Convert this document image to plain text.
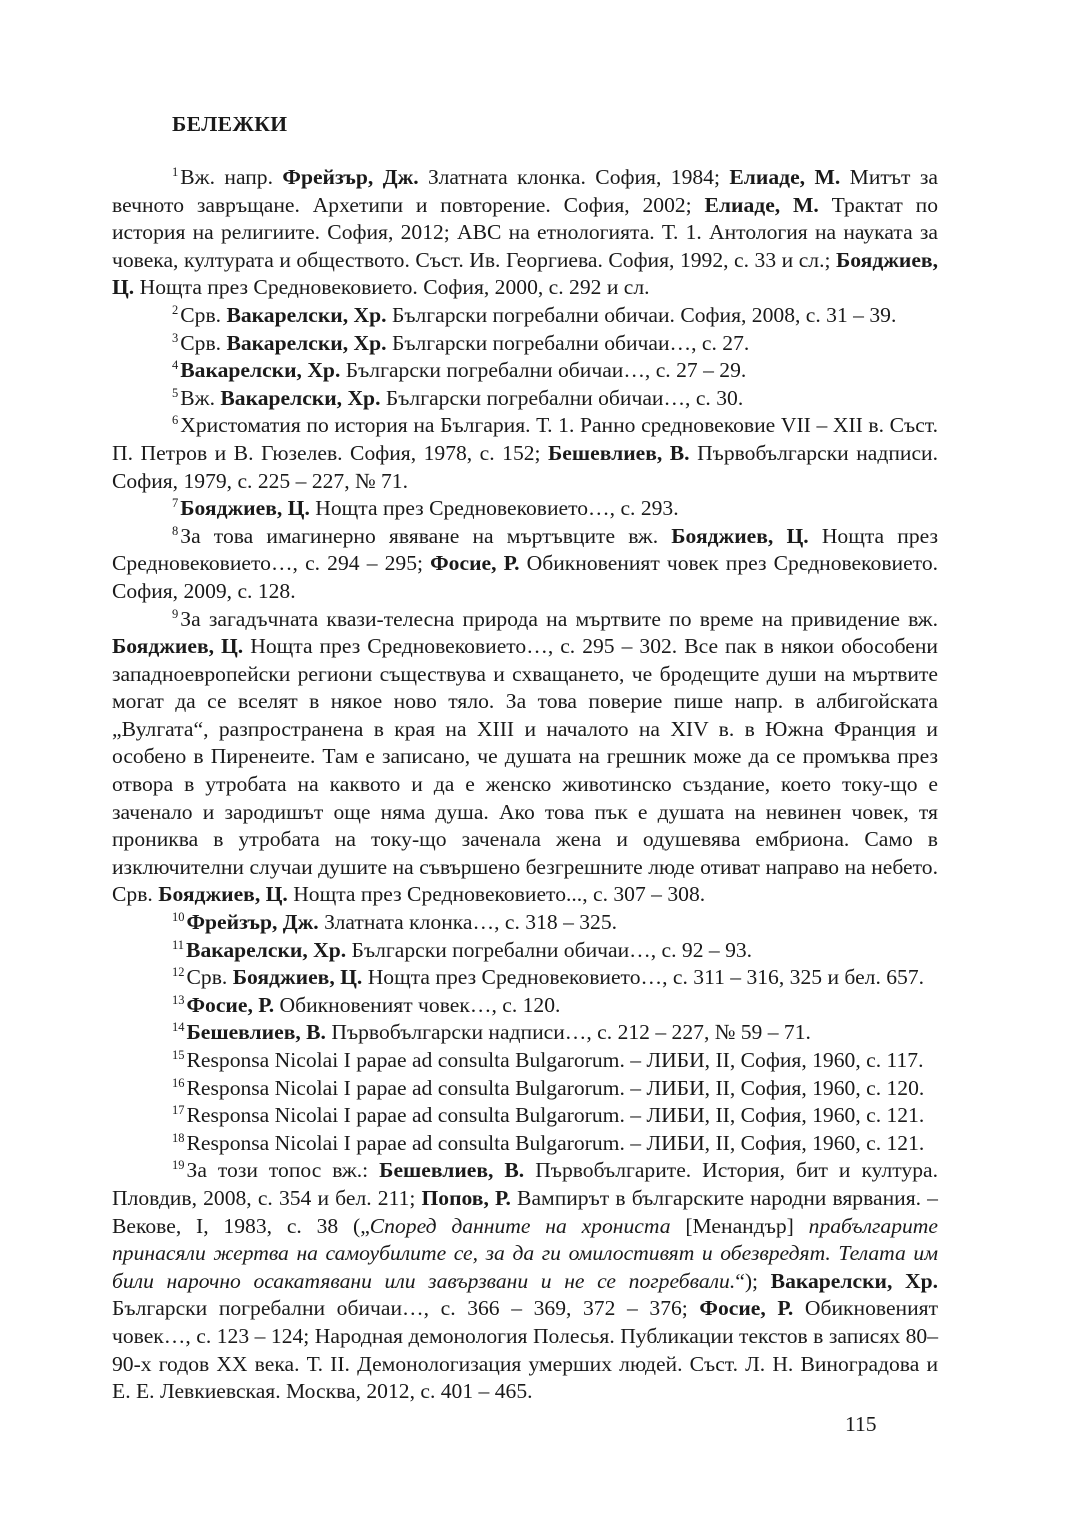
БЕЛЕЖКИ

$^1$Вж. напр. Фрейзър, Дж. Златната клонка. София, 1984; Елиаде, М. Митът за вечното завръщане. Архетипи и повторение. София, 2002; Елиаде, М. Трактат по история на религиите. София, 2012; ABC на етнологията. Т. 1. Антология на науката за човека, културата и обществото. Съст. Ив. Георгиева. София, 1992, с. 33 и сл.; Бояджиев, Ц. Нощта през Средновековието. София, 2000, с. 292 и сл.

$^2$Срв. Вакарелски, Хр. Български погребални обичаи. София, 2008, с. 31 – 39.

$^3$Срв. Вакарелски, Хр. Български погребални обичаи…, с. 27.

$^4$Вакарелски, Хр. Български погребални обичаи…, с. 27 – 29.

$^5$Вж. Вакарелски, Хр. Български погребални обичаи…, с. 30.

$^6$Христоматия по история на България. Т. 1. Ранно средновековие VII – XII в. Съст. П. Петров и В. Гюзелев. София, 1978, с. 152; Бешевлиев, В. Първобългарски надписи. София, 1979, с. 225 – 227, № 71.

$^7$Бояджиев, Ц. Нощта през Средновековието…, с. 293.

$^8$За това имагинерно явяване на мъртъвците вж. Бояджиев, Ц. Нощта през Средновековието…, с. 294 – 295; Фосие, Р. Обикновеният човек през Средновековието. София, 2009, с. 128.

$^9$За загадъчната квази-телесна природа на мъртвите по време на привидение вж. Бояджиев, Ц. Нощта през Средновековието…, с. 295 – 302. Все пак в някои обособени западноевропейски региони съществува и схващането, че бродещите души на мъртвите могат да се вселят в някое ново тяло. За това поверие пише напр. в албигойската „Вулгата“, разпространена в края на XIII и началото на XIV в. в Южна Франция и особено в Пиренеите. Там е записано, че душата на грешник може да се промъква през отвора в утробата на каквото и да е женско животинско създание, което току-що е заченало и зародишът още няма душа. Ако това пък е душата на невинен човек, тя прониква в утробата на току-що заченала жена и одушевява ембриона. Само в изключителни случаи душите на съвършено безгрешните люде отиват направо на небето. Срв. Бояджиев, Ц. Нощта през Средновековието..., с. 307 – 308.

$^{10}$Фрейзър, Дж. Златната клонка…, с. 318 – 325.

$^{11}$Вакарелски, Хр. Български погребални обичаи…, с. 92 – 93.

$^{12}$Срв. Бояджиев, Ц. Нощта през Средновековието…, с. 311 – 316, 325 и бел. 657.

$^{13}$Фосие, Р. Обикновеният човек…, с. 120.

$^{14}$Бешевлиев, В. Първобългарски надписи…, с. 212 – 227, № 59 – 71.

$^{15}$Responsa Nicolai I papae ad consulta Bulgarorum. – ЛИБИ, II, София, 1960, с. 117.

$^{16}$Responsa Nicolai I papae ad consulta Bulgarorum. – ЛИБИ, II, София, 1960, с. 120.

$^{17}$Responsa Nicolai I papae ad consulta Bulgarorum. – ЛИБИ, II, София, 1960, с. 121.

$^{18}$Responsa Nicolai I papae ad consulta Bulgarorum. – ЛИБИ, II, София, 1960, с. 121.

$^{19}$За този топос вж.: Бешевлиев, В. Първобългарите. История, бит и култура. Пловдив, 2008, с. 354 и бел. 211; Попов, Р. Вампирът в българските народни вярвания. – Векове, I, 1983, с. 38 („Според данните на хрониста [Менандър] прабългарите принасяли жертва на самоубилите се, за да ги омилостивят и обезвредят. Телата им били нарочно осакатявани или завързвани и не се погребвали.“); Вакарелски, Хр. Български погребални обичаи…, с. 366 – 369, 372 – 376; Фосие, Р. Обикновеният човек…, с. 123 – 124; Народная демонология Полесья. Публикации текстов в записях 80–90-х годов XX века. Т. II. Демонологизация умерших людей. Съст. Л. Н. Виноградова и Е. Е. Левкиевская. Москва, 2012, с. 401 – 465.

115
